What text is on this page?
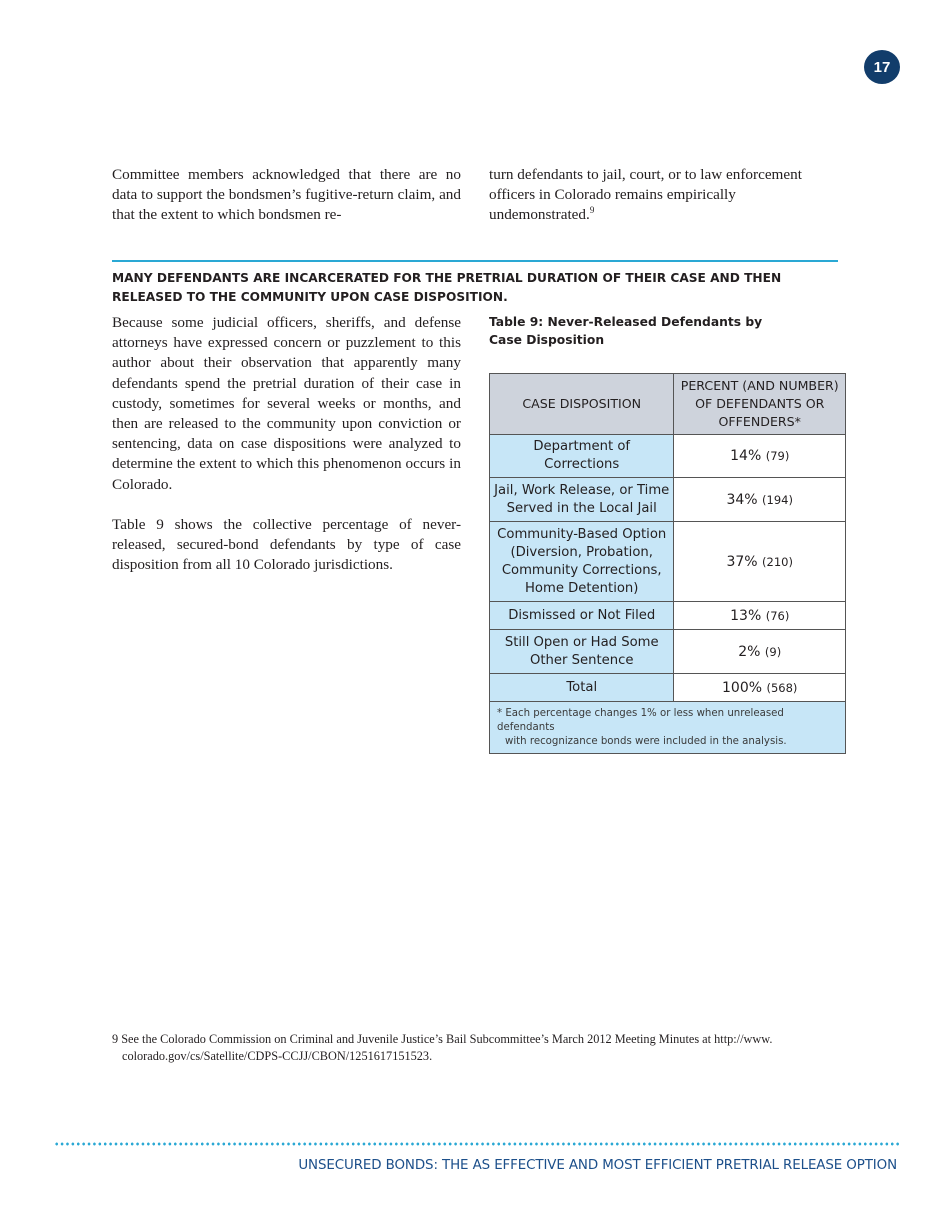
17

Committee members acknowledged that there are no data to support the bondsmen’s fugitive-return claim, and that the extent to which bondsmen re-

turn defendants to jail, court, or to law enforcement officers in Colorado remains empirically undemonstrated.$^9$

MANY DEFENDANTS ARE INCARCERATED FOR THE PRETRIAL DURATION OF THEIR CASE AND THEN RELEASED TO THE COMMUNITY UPON CASE DISPOSITION.

Because some judicial officers, sheriffs, and defense attorneys have expressed concern or puzzlement to this author about their observation that apparently many defendants spend the pretrial duration of their case in custody, sometimes for several weeks or months, and then are released to the community upon conviction or sentencing, data on case dispositions were analyzed to determine the extent to which this phenomenon occurs in Colorado.

Table 9 shows the collective percentage of never-released, secured-bond defendants by type of case disposition from all 10 Colorado jurisdictions.

Table 9: Never-Released Defendants by Case Disposition
CASE DISPOSITION	PERCENT (AND NUMBER) OF DEFENDANTS OR OFFENDERS*
Department of Corrections	14% (79)
Jail, Work Release, or Time Served in the Local Jail	34% (194)
Community-Based Option (Diversion, Probation, Community Corrections, Home Detention)	37% (210)
Dismissed or Not Filed	13% (76)
Still Open or Had Some Other Sentence	2% (9)
Total	100% (568)
* Each percentage changes 1% or less when unreleased defendants
with recognizance bonds were included in the analysis.	
9 See the Colorado Commission on Criminal and Juvenile Justice’s Bail Subcommittee’s March 2012 Meeting Minutes at http://www.
colorado.gov/cs/Satellite/CDPS-CCJJ/CBON/1251617151523.
UNSECURED BONDS: THE AS EFFECTIVE AND MOST EFFICIENT PRETRIAL RELEASE OPTION
